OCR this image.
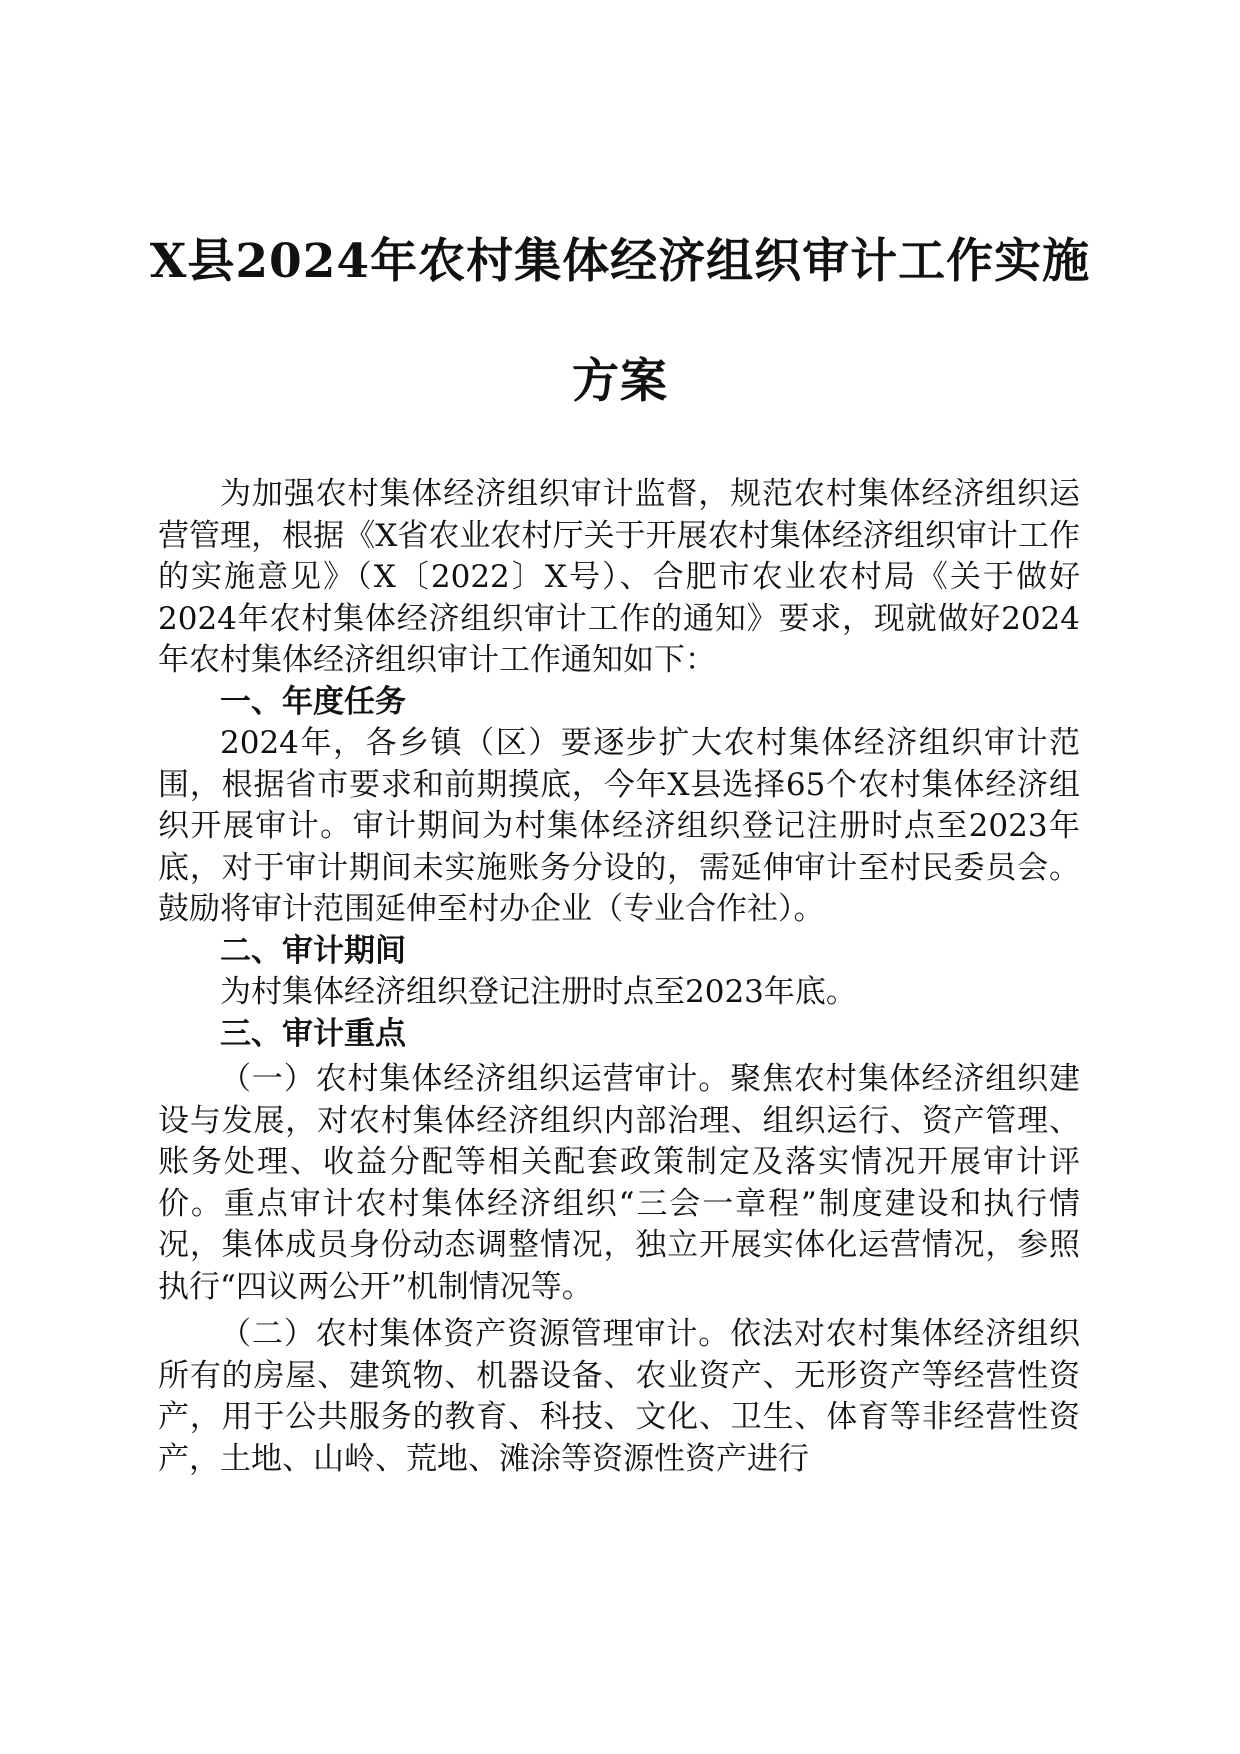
X县2024年农村集体经济组织审计工作实施
方案

为加强农村集体经济组织审计监督，规范农村集体经济组织运营管理，根据《X省农业农村厅关于开展农村集体经济组织审计工作的实施意见》（X〔2022〕X号）、合肥市农业农村局《关于做好2024年农村集体经济组织审计工作的通知》要求，现就做好2024年农村集体经济组织审计工作通知如下：

一、年度任务

2024年，各乡镇（区）要逐步扩大农村集体经济组织审计范围，根据省市要求和前期摸底，今年X县选择65个农村集体经济组织开展审计。审计期间为村集体经济组织登记注册时点至2023年底，对于审计期间未实施账务分设的，需延伸审计至村民委员会。鼓励将审计范围延伸至村办企业（专业合作社）。

二、审计期间

为村集体经济组织登记注册时点至2023年底。

三、审计重点

（一）农村集体经济组织运营审计。聚焦农村集体经济组织建设与发展，对农村集体经济组织内部治理、组织运行、资产管理、账务处理、收益分配等相关配套政策制定及落实情况开展审计评价。重点审计农村集体经济组织“三会一章程”制度建设和执行情况，集体成员身份动态调整情况，独立开展实体化运营情况，参照执行“四议两公开”机制情况等。

（二）农村集体资产资源管理审计。依法对农村集体经济组织所有的房屋、建筑物、机器设备、农业资产、无形资产等经营性资产，用于公共服务的教育、科技、文化、卫生、体育等非经营性资产，土地、山岭、荒地、滩涂等资源性资产进行
